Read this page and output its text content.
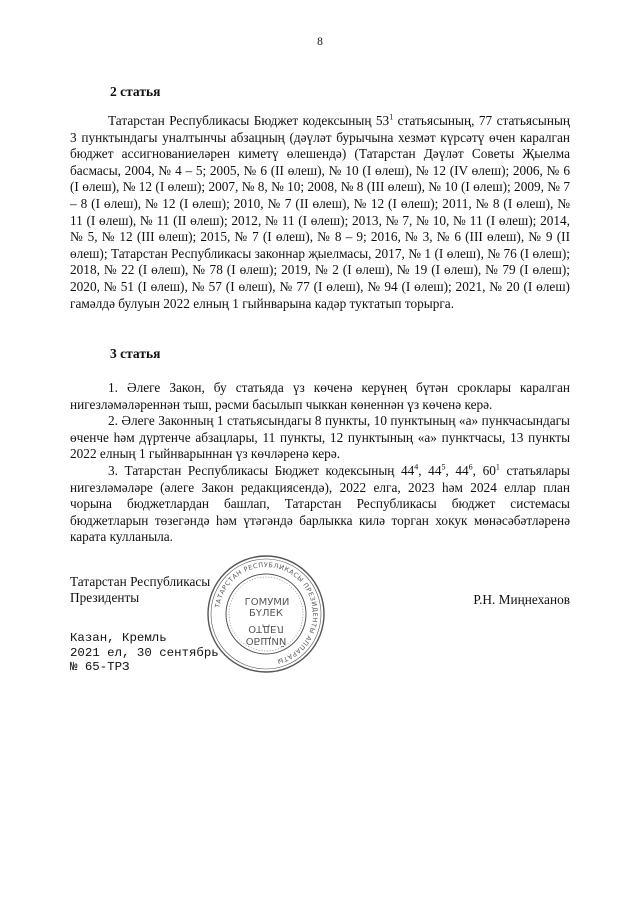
8
2 статья
Татарстан Республикасы Бюджет кодексының $53^1$ статьясының, 77 статьясының 3 пунктындагы уналтынчы абзацның (дәүләт бурычына хезмәт күрсәтү өчен каралган бюджет ассигнованиеләрен киметү өлешендә) (Татарстан Дәүләт Советы Җыелма басмасы, 2004, № 4 – 5; 2005, № 6 (II өлеш), № 10 (I өлеш), № 12 (IV өлеш); 2006, № 6 (I өлеш), № 12 (I өлеш); 2007, № 8, № 10; 2008, № 8 (III өлеш), № 10 (I өлеш); 2009, № 7 – 8 (I өлеш), № 12 (I өлеш); 2010, № 7 (II өлеш), № 12 (I өлеш); 2011, № 8 (I өлеш), № 11 (I өлеш), № 11 (II өлеш); 2012, № 11 (I өлеш); 2013, № 7, № 10, № 11 (I өлеш); 2014, № 5, № 12 (III өлеш); 2015, № 7 (I өлеш), № 8 – 9; 2016, № 3, № 6 (III өлеш), № 9 (II өлеш); Татарстан Республикасы законнар җыелмасы, 2017, № 1 (I өлеш), № 76 (I өлеш); 2018, № 22 (I өлеш), № 78 (I өлеш); 2019, № 2 (I өлеш), № 19 (I өлеш), № 79 (I өлеш); 2020, № 51 (I өлеш), № 57 (I өлеш), № 77 (I өлеш), № 94 (I өлеш); 2021, № 20 (I өлеш) гамәлдә булуын 2022 елның 1 гыйнварына кадәр туктатып торырга.
3 статья
1. Әлеге Закон, бу статьяда үз көченә керүнең бүтән сроклары каралган нигезләмәләреннән тыш, рәсми басылып чыккан көненнән үз көченә керә.
2. Әлеге Законның 1 статьясындагы 8 пункты, 10 пунктының «а» пункчасындагы өченче һәм дүртенче абзацлары, 11 пункты, 12 пунктының «а» пунктчасы, 13 пункты 2022 елның 1 гыйнварыннан үз көчләренә керә.
3. Татарстан Республикасы Бюджет кодексының $44^4$, $44^5$, $44^6$, $60^1$ статьялары нигезләмәләре (әлеге Закон редакциясендә), 2022 елга, 2023 һәм 2024 еллар план чорына бюджетлардан башлап, Татарстан Республикасы бюджет системасы бюджетларын төзегәндә һәм үтәгәндә барлыкка килә торган хокук мөнәсәбәтләренә карата кулланыла.
ТАТАРСТАН РЕСПУБЛИКАСЫ ПРЕЗИДЕНТЫ АППАРАТЫ
ГОМУМИ
БҮЛЕК
ОТДЕЛ
ОБЩИЙ
Татарстан Республикасы
Президенты	Р.Н. Миңнеханов
Казан, Кремль
2021 ел, 30 сентябрь
№ 65-ТРЗ
